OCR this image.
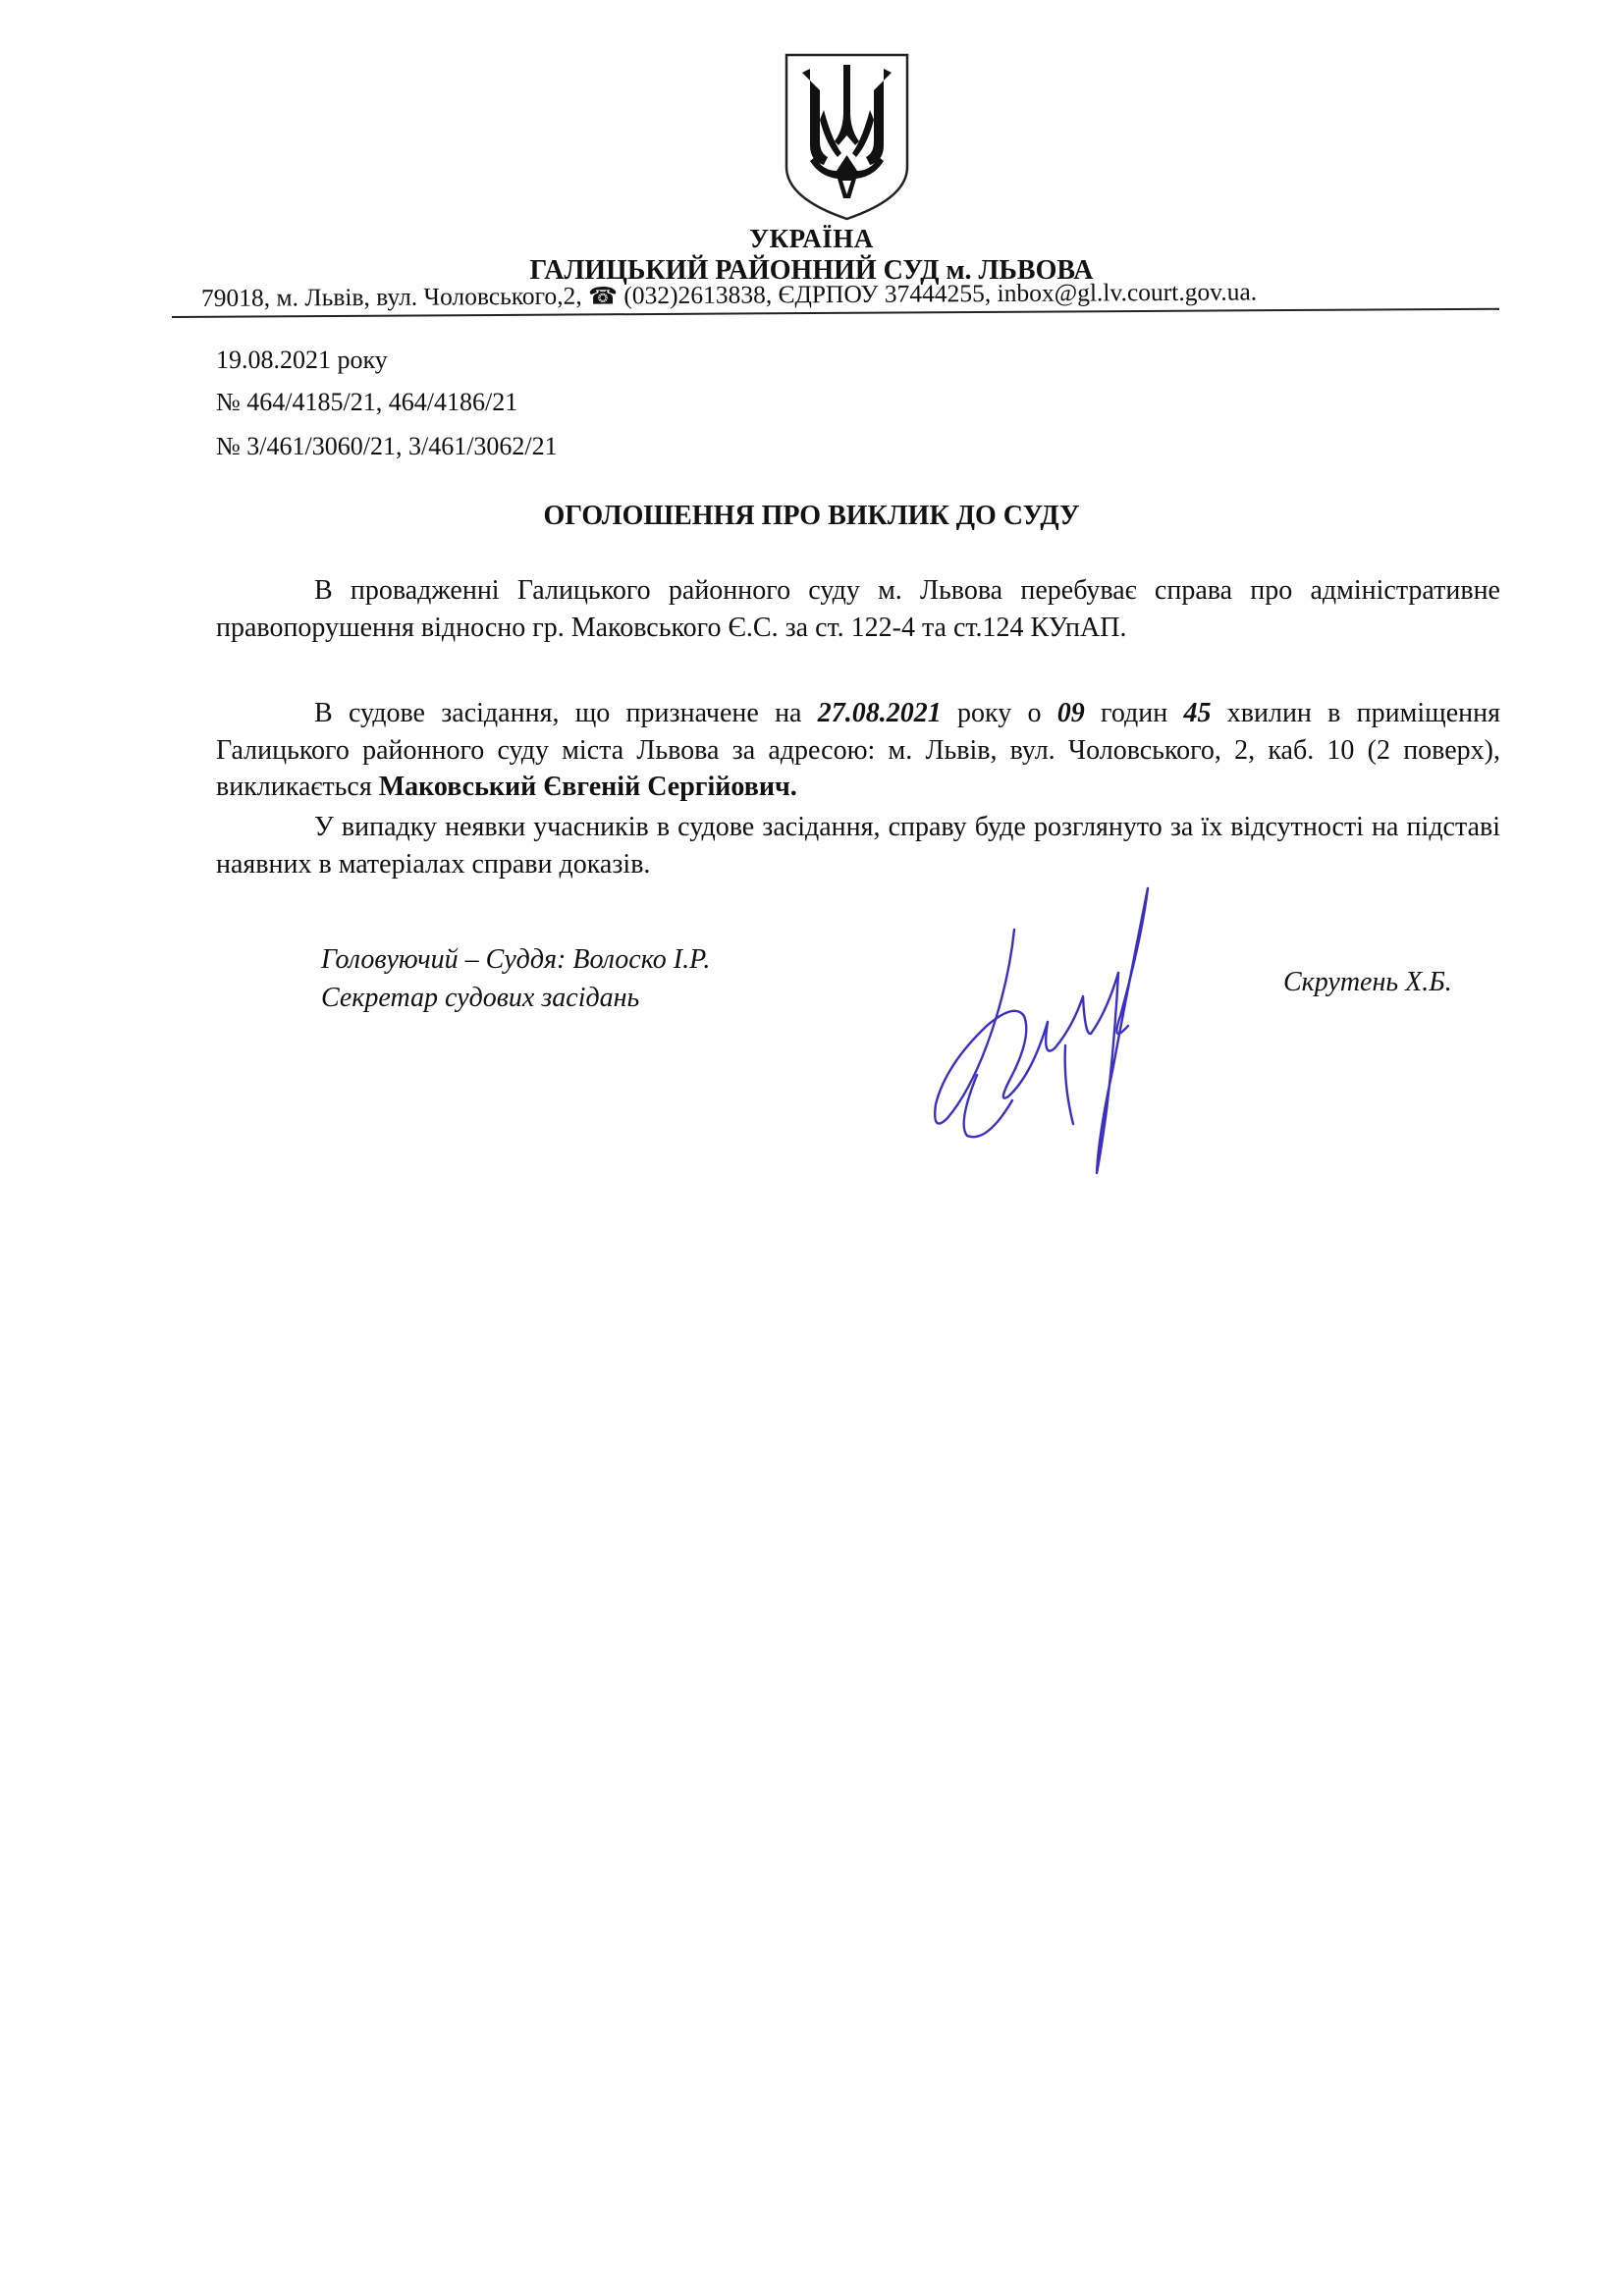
УКРАЇНА
ГАЛИЦЬКИЙ РАЙОННИЙ СУД м. ЛЬВОВА
79018, м. Львів, вул. Чоловського,2, ☎ (032)2613838, ЄДРПОУ 37444255, inbox@gl.lv.court.gov.ua.
19.08.2021 року
№ 464/4185/21, 464/4186/21
№ 3/461/3060/21, 3/461/3062/21
ОГОЛОШЕННЯ ПРО ВИКЛИК ДО СУДУ

В провадженні Галицького районного суду м. Львова перебуває справа про адміністративне правопорушення відносно гр. Маковського Є.С. за ст. 122-4 та ст.124 КУпАП.

В судове засідання, що призначене на 27.08.2021 року о 09 годин 45 хвилин в приміщення Галицького районного суду міста Львова за адресою: м. Львів, вул. Чоловського, 2, каб. 10 (2 поверх), викликається Маковський Євгеній Сергійович.

У випадку неявки учасників в судове засідання, справу буде розглянуто за їх відсутності на підставі наявних в матеріалах справи доказів.

Головуючий – Суддя: Волоско І.Р.
Секретар судових засідань
Скрутень Х.Б.
